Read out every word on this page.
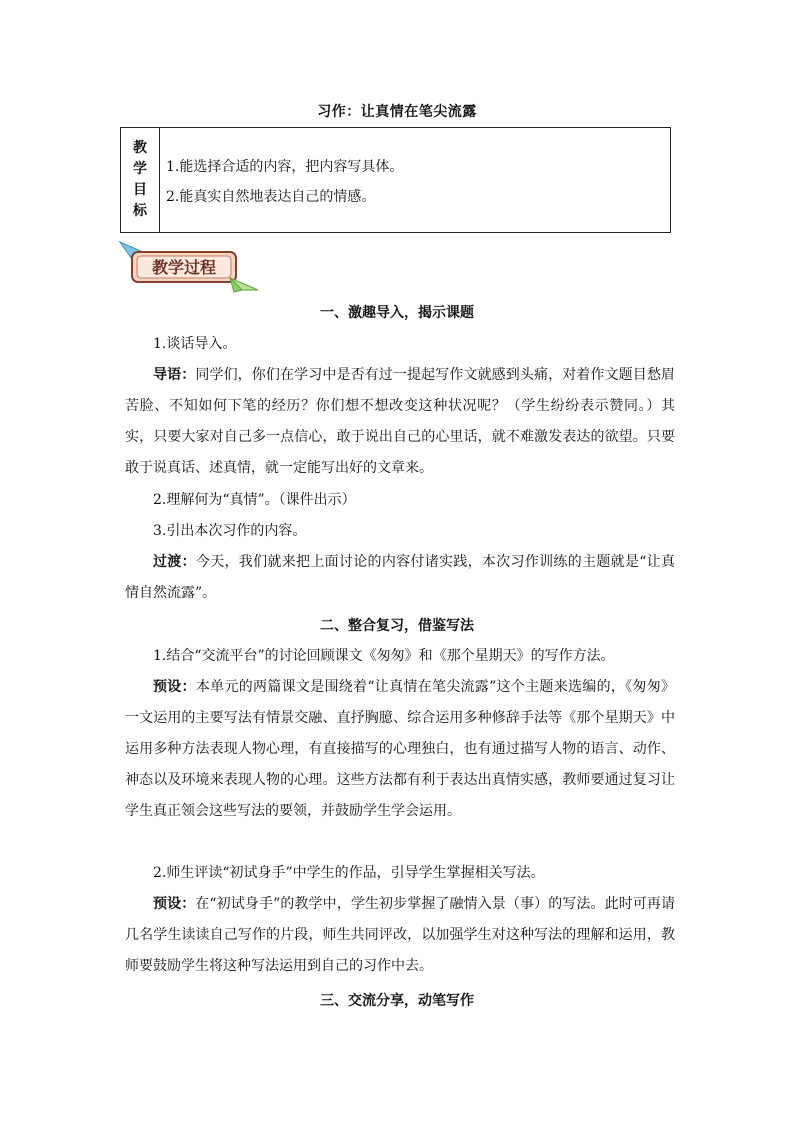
习作：让真情在笔尖流露
教
学
目
标
1.能选择合适的内容，把内容写具体。
2.能真实自然地表达自己的情感。
教学过程
一、激趣导入，揭示课题
1.谈话导入。
导语：同学们，你们在学习中是否有过一提起写作文就感到头痛，对着作文题目愁眉苦脸、不知如何下笔的经历？你们想不想改变这种状况呢？（学生纷纷表示赞同。）其实，只要大家对自己多一点信心，敢于说出自己的心里话，就不难激发表达的欲望。只要敢于说真话、述真情，就一定能写出好的文章来。
2.理解何为“真情”。（课件出示）
3.引出本次习作的内容。
过渡：今天，我们就来把上面讨论的内容付诸实践，本次习作训练的主题就是“让真情自然流露”。
二、整合复习，借鉴写法
1.结合“交流平台”的讨论回顾课文《匆匆》和《那个星期天》的写作方法。
预设：本单元的两篇课文是围绕着“让真情在笔尖流露”这个主题来选编的，《匆匆》一文运用的主要写法有情景交融、直抒胸臆、综合运用多种修辞手法等《那个星期天》中运用多种方法表现人物心理，有直接描写的心理独白，也有通过描写人物的语言、动作、神态以及环境来表现人物的心理。这些方法都有利于表达出真情实感，教师要通过复习让学生真正领会这些写法的要领，并鼓励学生学会运用。
2.师生评读“初试身手”中学生的作品，引导学生掌握相关写法。
预设：在“初试身手”的教学中，学生初步掌握了融情入景（事）的写法。此时可再请几名学生读读自己写作的片段，师生共同评改，以加强学生对这种写法的理解和运用，教师要鼓励学生将这种写法运用到自己的习作中去。
三、交流分享，动笔写作
